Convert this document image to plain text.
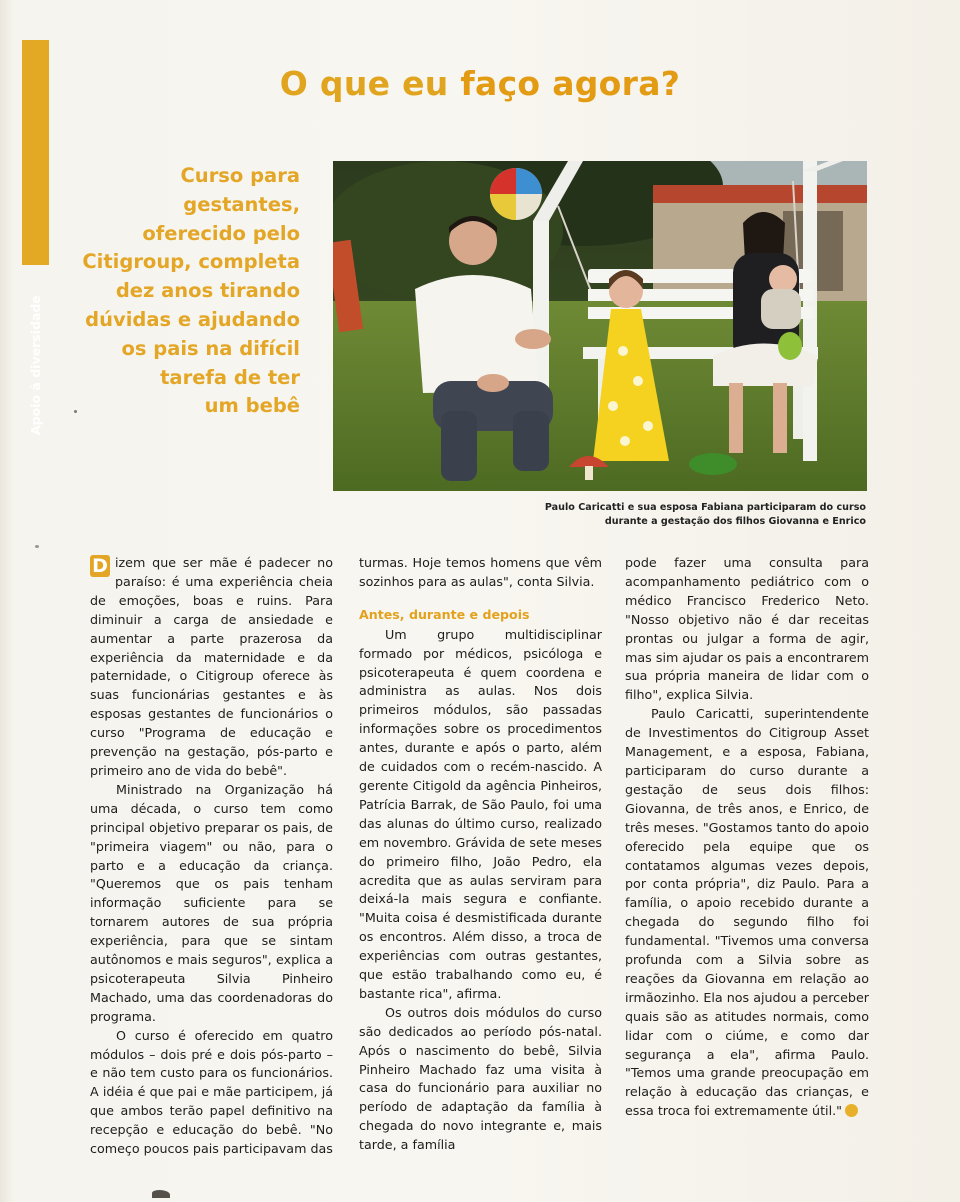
Apoio à diversidade
O que eu faço agora?
Curso para
gestantes,
oferecido pelo
Citigroup, completa
dez anos tirando
dúvidas e ajudando
os pais na difícil
tarefa de ter
um bebê
Paulo Caricatti e sua esposa Fabiana participaram do curso
durante a gestação dos filhos Giovanna e Enrico

D izem que ser mãe é padecer no paraíso: é uma experiência cheia de emoções, boas e ruins. Para diminuir a carga de ansiedade e aumentar a parte prazerosa da experiência da maternidade e da paternidade, o Citigroup oferece às suas funcionárias gestantes e às esposas gestantes de funcionários o curso "Programa de educação e prevenção na gestação, pós-parto e primeiro ano de vida do bebê".

Ministrado na Organização há uma década, o curso tem como principal objetivo preparar os pais, de "primeira viagem" ou não, para o parto e a educação da criança. "Queremos que os pais tenham informação suficiente para se tornarem autores de sua própria experiência, para que se sintam autônomos e mais seguros", explica a psicoterapeuta Silvia Pinheiro Machado, uma das coordenadoras do programa.

O curso é oferecido em quatro módulos – dois pré e dois pós-parto – e não tem custo para os funcionários. A idéia é que pai e mãe participem, já que ambos terão papel definitivo na recepção e educação do bebê. "No começo poucos pais participavam das

turmas. Hoje temos homens que vêm sozinhos para as aulas", conta Silvia.

Antes, durante e depois

Um grupo multidisciplinar formado por médicos, psicóloga e psicoterapeuta é quem coordena e administra as aulas. Nos dois primeiros módulos, são passadas informações sobre os procedimentos antes, durante e após o parto, além de cuidados com o recém-nascido. A gerente Citigold da agência Pinheiros, Patrícia Barrak, de São Paulo, foi uma das alunas do último curso, realizado em novembro. Grávida de sete meses do primeiro filho, João Pedro, ela acredita que as aulas serviram para deixá-la mais segura e confiante. "Muita coisa é desmistificada durante os encontros. Além disso, a troca de experiências com outras gestantes, que estão trabalhando como eu, é bastante rica", afirma.

Os outros dois módulos do curso são dedicados ao período pós-natal. Após o nascimento do bebê, Silvia Pinheiro Machado faz uma visita à casa do funcionário para auxiliar no período de adaptação da família à chegada do novo integrante e, mais tarde, a família

pode fazer uma consulta para acompanhamento pediátrico com o médico Francisco Frederico Neto. "Nosso objetivo não é dar receitas prontas ou julgar a forma de agir, mas sim ajudar os pais a encontrarem sua própria maneira de lidar com o filho", explica Silvia.

Paulo Caricatti, superintendente de Investimentos do Citigroup Asset Management, e a esposa, Fabiana, participaram do curso durante a gestação de seus dois filhos: Giovanna, de três anos, e Enrico, de três meses. "Gostamos tanto do apoio oferecido pela equipe que os contatamos algumas vezes depois, por conta própria", diz Paulo. Para a família, o apoio recebido durante a chegada do segundo filho foi fundamental. "Tivemos uma conversa profunda com a Silvia sobre as reações da Giovanna em relação ao irmãozinho. Ela nos ajudou a perceber quais são as atitudes normais, como lidar com o ciúme, e como dar segurança a ela", afirma Paulo. "Temos uma grande preocupação em relação à educação das crianças, e essa troca foi extremamente útil."
